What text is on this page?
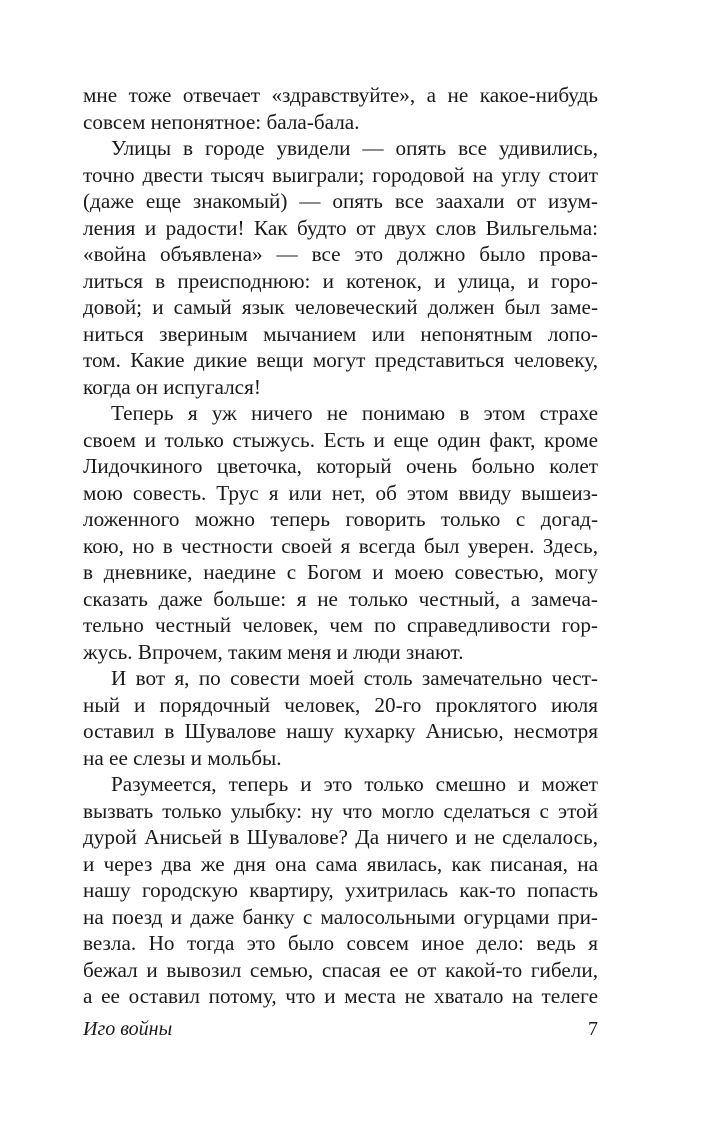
мне тоже отвечает «здравствуйте», а не какое-нибудь
совсем непонятное: бала-бала.
Улицы в городе увидели — опять все удивились,
точно двести тысяч выиграли; городовой на углу стоит
(даже еще знакомый) — опять все заахали от изум-
ления и радости! Как будто от двух слов Вильгельма:
«война объявлена» — все это должно было прова-
литься в преисподнюю: и котенок, и улица, и горо-
довой; и самый язык человеческий должен был заме-
ниться звериным мычанием или непонятным лопо-
том. Какие дикие вещи могут представиться человеку,
когда он испугался!
Теперь я уж ничего не понимаю в этом страхе
своем и только стыжусь. Есть и еще один факт, кроме
Лидочкиного цветочка, который очень больно колет
мою совесть. Трус я или нет, об этом ввиду вышеиз-
ложенного можно теперь говорить только с догад-
кою, но в честности своей я всегда был уверен. Здесь,
в дневнике, наедине с Богом и моею совестью, могу
сказать даже больше: я не только честный, а замеча-
тельно честный человек, чем по справедливости гор-
жусь. Впрочем, таким меня и люди знают.
И вот я, по совести моей столь замечательно чест-
ный и порядочный человек, 20-го проклятого июля
оставил в Шувалове нашу кухарку Анисью, несмотря
на ее слезы и мольбы.
Разумеется, теперь и это только смешно и может
вызвать только улыбку: ну что могло сделаться с этой
дурой Анисьей в Шувалове? Да ничего и не сделалось,
и через два же дня она сама явилась, как писаная, на
нашу городскую квартиру, ухитрилась как-то попасть
на поезд и даже банку с малосольными огурцами при-
везла. Но тогда это было совсем иное дело: ведь я
бежал и вывозил семью, спасая ее от какой-то гибели,
а ее оставил потому, что и места не хватало на телеге
Иго войны	7
